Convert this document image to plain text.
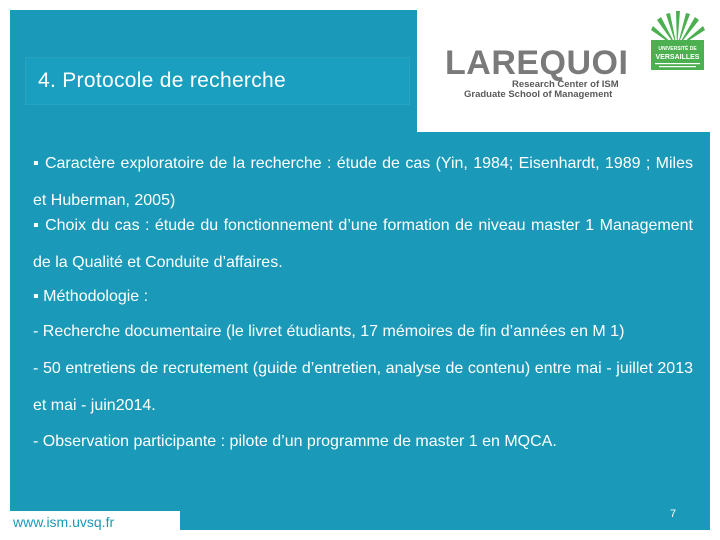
4. Protocole de recherche	LAREQUOI
Research Center of ISM
Graduate School of Management
UNIVERSITÉ DE
VERSAILLES
▪ Caractère exploratoire de la recherche : étude de cas (Yin, 1984; Eisenhardt, 1989 ; Miles et Huberman, 2005)
▪ Choix du cas : étude du fonctionnement d’une formation de niveau master 1 Management de la Qualité et Conduite d’affaires.
▪ Méthodologie :
- Recherche documentaire (le livret étudiants, 17 mémoires de fin d’années en M 1)
- 50 entretiens de recrutement (guide d’entretien, analyse de contenu) entre mai - juillet 2013 et mai - juin2014.
- Observation participante : pilote d’un programme de master 1 en MQCA.
www.ism.uvsq.fr	7
